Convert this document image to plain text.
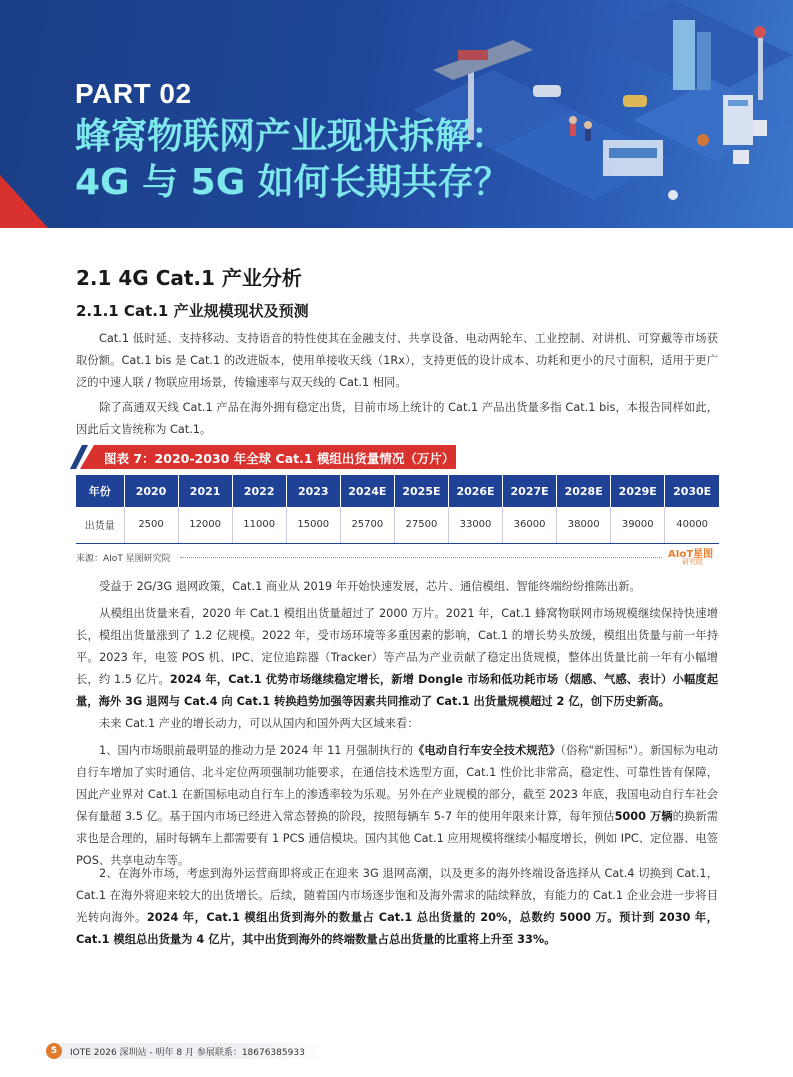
PART 02
蜂窝物联网产业现状拆解：
4G 与 5G 如何长期共存？
2.1 4G Cat.1 产业分析
2.1.1 Cat.1 产业规模现状及预测
Cat.1 低时延、支持移动、支持语音的特性使其在金融支付、共享设备、电动两轮车、工业控制、对讲机、可穿戴等市场获取份额。Cat.1 bis 是 Cat.1 的改进版本，使用单接收天线（1Rx），支持更低的设计成本、功耗和更小的尺寸面积，适用于更广泛的中速人联 / 物联应用场景，传输速率与双天线的 Cat.1 相同。
除了高通双天线 Cat.1 产品在海外拥有稳定出货，目前市场上统计的 Cat.1 产品出货量多指 Cat.1 bis，本报告同样如此，因此后文皆统称为 Cat.1。
图表 7：2020-2030 年全球 Cat.1 模组出货量情况（万片）
年份	2020	2021	2022	2023	2024E	2025E	2026E	2027E	2028E	2029E	2030E
出货量	2500	12000	11000	15000	25700	27500	33000	36000	38000	39000	40000
来源：AIoT 星图研究院	AIoT星图
研究院
受益于 2G/3G 退网政策，Cat.1 商业从 2019 年开始快速发展，芯片、通信模组、智能终端纷纷推陈出新。
从模组出货量来看，2020 年 Cat.1 模组出货量超过了 2000 万片。2021 年，Cat.1 蜂窝物联网市场规模继续保持快速增长，模组出货量涨到了 1.2 亿规模。2022 年，受市场环境等多重因素的影响，Cat.1 的增长势头放缓，模组出货量与前一年持平。2023 年，电签 POS 机、IPC、定位追踪器（Tracker）等产品为产业贡献了稳定出货规模，整体出货量比前一年有小幅增长，约 1.5 亿片。2024 年，Cat.1 优势市场继续稳定增长，新增 Dongle 市场和低功耗市场（烟感、气感、表计）小幅度起量，海外 3G 退网与 Cat.4 向 Cat.1 转换趋势加强等因素共同推动了 Cat.1 出货量规模超过 2 亿，创下历史新高。
未来 Cat.1 产业的增长动力，可以从国内和国外两大区域来看：
1、国内市场眼前最明显的推动力是 2024 年 11 月强制执行的《电动自行车安全技术规范》（俗称"新国标"）。新国标为电动自行车增加了实时通信、北斗定位两项强制功能要求，在通信技术选型方面，Cat.1 性价比非常高，稳定性、可靠性皆有保障，因此产业界对 Cat.1 在新国标电动自行车上的渗透率较为乐观。另外在产业规模的部分，截至 2023 年底，我国电动自行车社会保有量超 3.5 亿。基于国内市场已经进入常态替换的阶段，按照每辆车 5-7 年的使用年限来计算，每年预估5000 万辆的换新需求也是合理的，届时每辆车上都需要有 1 PCS 通信模块。国内其他 Cat.1 应用规模将继续小幅度增长，例如 IPC、定位器、电签 POS、共享电动车等。
2、在海外市场，考虑到海外运营商即将或正在迎来 3G 退网高潮，以及更多的海外终端设备选择从 Cat.4 切换到 Cat.1，Cat.1 在海外将迎来较大的出货增长。后续，随着国内市场逐步饱和及海外需求的陆续释放，有能力的 Cat.1 企业会进一步将目光转向海外。2024 年，Cat.1 模组出货到海外的数量占 Cat.1 总出货量的 20%，总数约 5000 万。预计到 2030 年，Cat.1 模组总出货量为 4 亿片，其中出货到海外的终端数量占总出货量的比重将上升至 33%。
5	IOTE 2026 深圳站 - 明年 8 月 参展联系：18676385933
